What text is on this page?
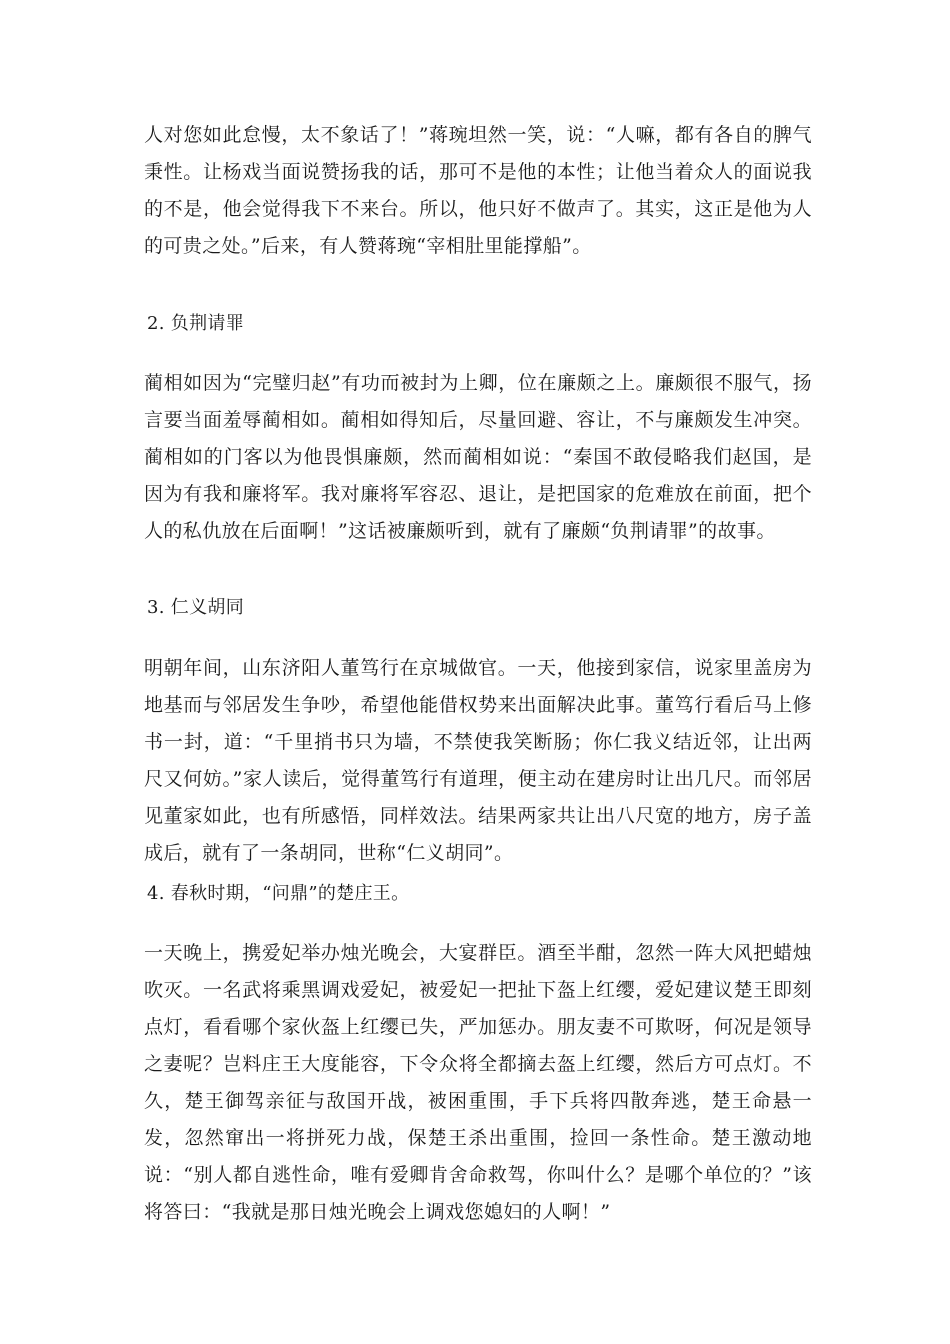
人对您如此怠慢，太不象话了！”蒋琬坦然一笑，说：“人嘛，都有各自的脾气秉性。让杨戏当面说赞扬我的话，那可不是他的本性；让他当着众人的面说我的不是，他会觉得我下不来台。所以，他只好不做声了。其实，这正是他为人的可贵之处。”后来，有人赞蒋琬“宰相肚里能撑船”。

2. 负荆请罪

蔺相如因为“完璧归赵”有功而被封为上卿，位在廉颇之上。廉颇很不服气，扬言要当面羞辱蔺相如。蔺相如得知后，尽量回避、容让，不与廉颇发生冲突。蔺相如的门客以为他畏惧廉颇，然而蔺相如说：“秦国不敢侵略我们赵国，是因为有我和廉将军。我对廉将军容忍、退让，是把国家的危难放在前面，把个人的私仇放在后面啊！”这话被廉颇听到，就有了廉颇“负荆请罪”的故事。

3. 仁义胡同

明朝年间，山东济阳人董笃行在京城做官。一天，他接到家信，说家里盖房为地基而与邻居发生争吵，希望他能借权势来出面解决此事。董笃行看后马上修书一封，道：“千里捎书只为墙，不禁使我笑断肠；你仁我义结近邻，让出两尺又何妨。”家人读后，觉得董笃行有道理，便主动在建房时让出几尺。而邻居见董家如此，也有所感悟，同样效法。结果两家共让出八尺宽的地方，房子盖成后，就有了一条胡同，世称“仁义胡同”。

4. 春秋时期，“问鼎”的楚庄王。

一天晚上，携爱妃举办烛光晚会，大宴群臣。酒至半酣，忽然一阵大风把蜡烛吹灭。一名武将乘黑调戏爱妃，被爱妃一把扯下盔上红缨，爱妃建议楚王即刻点灯，看看哪个家伙盔上红缨已失，严加惩办。朋友妻不可欺呀，何况是领导之妻呢？岂料庄王大度能容，下令众将全都摘去盔上红缨，然后方可点灯。不久，楚王御驾亲征与敌国开战，被困重围，手下兵将四散奔逃，楚王命悬一发，忽然窜出一将拼死力战，保楚王杀出重围，捡回一条性命。楚王激动地说：“别人都自逃性命，唯有爱卿肯舍命救驾，你叫什么？是哪个单位的？”该将答曰：“我就是那日烛光晚会上调戏您媳妇的人啊！”
